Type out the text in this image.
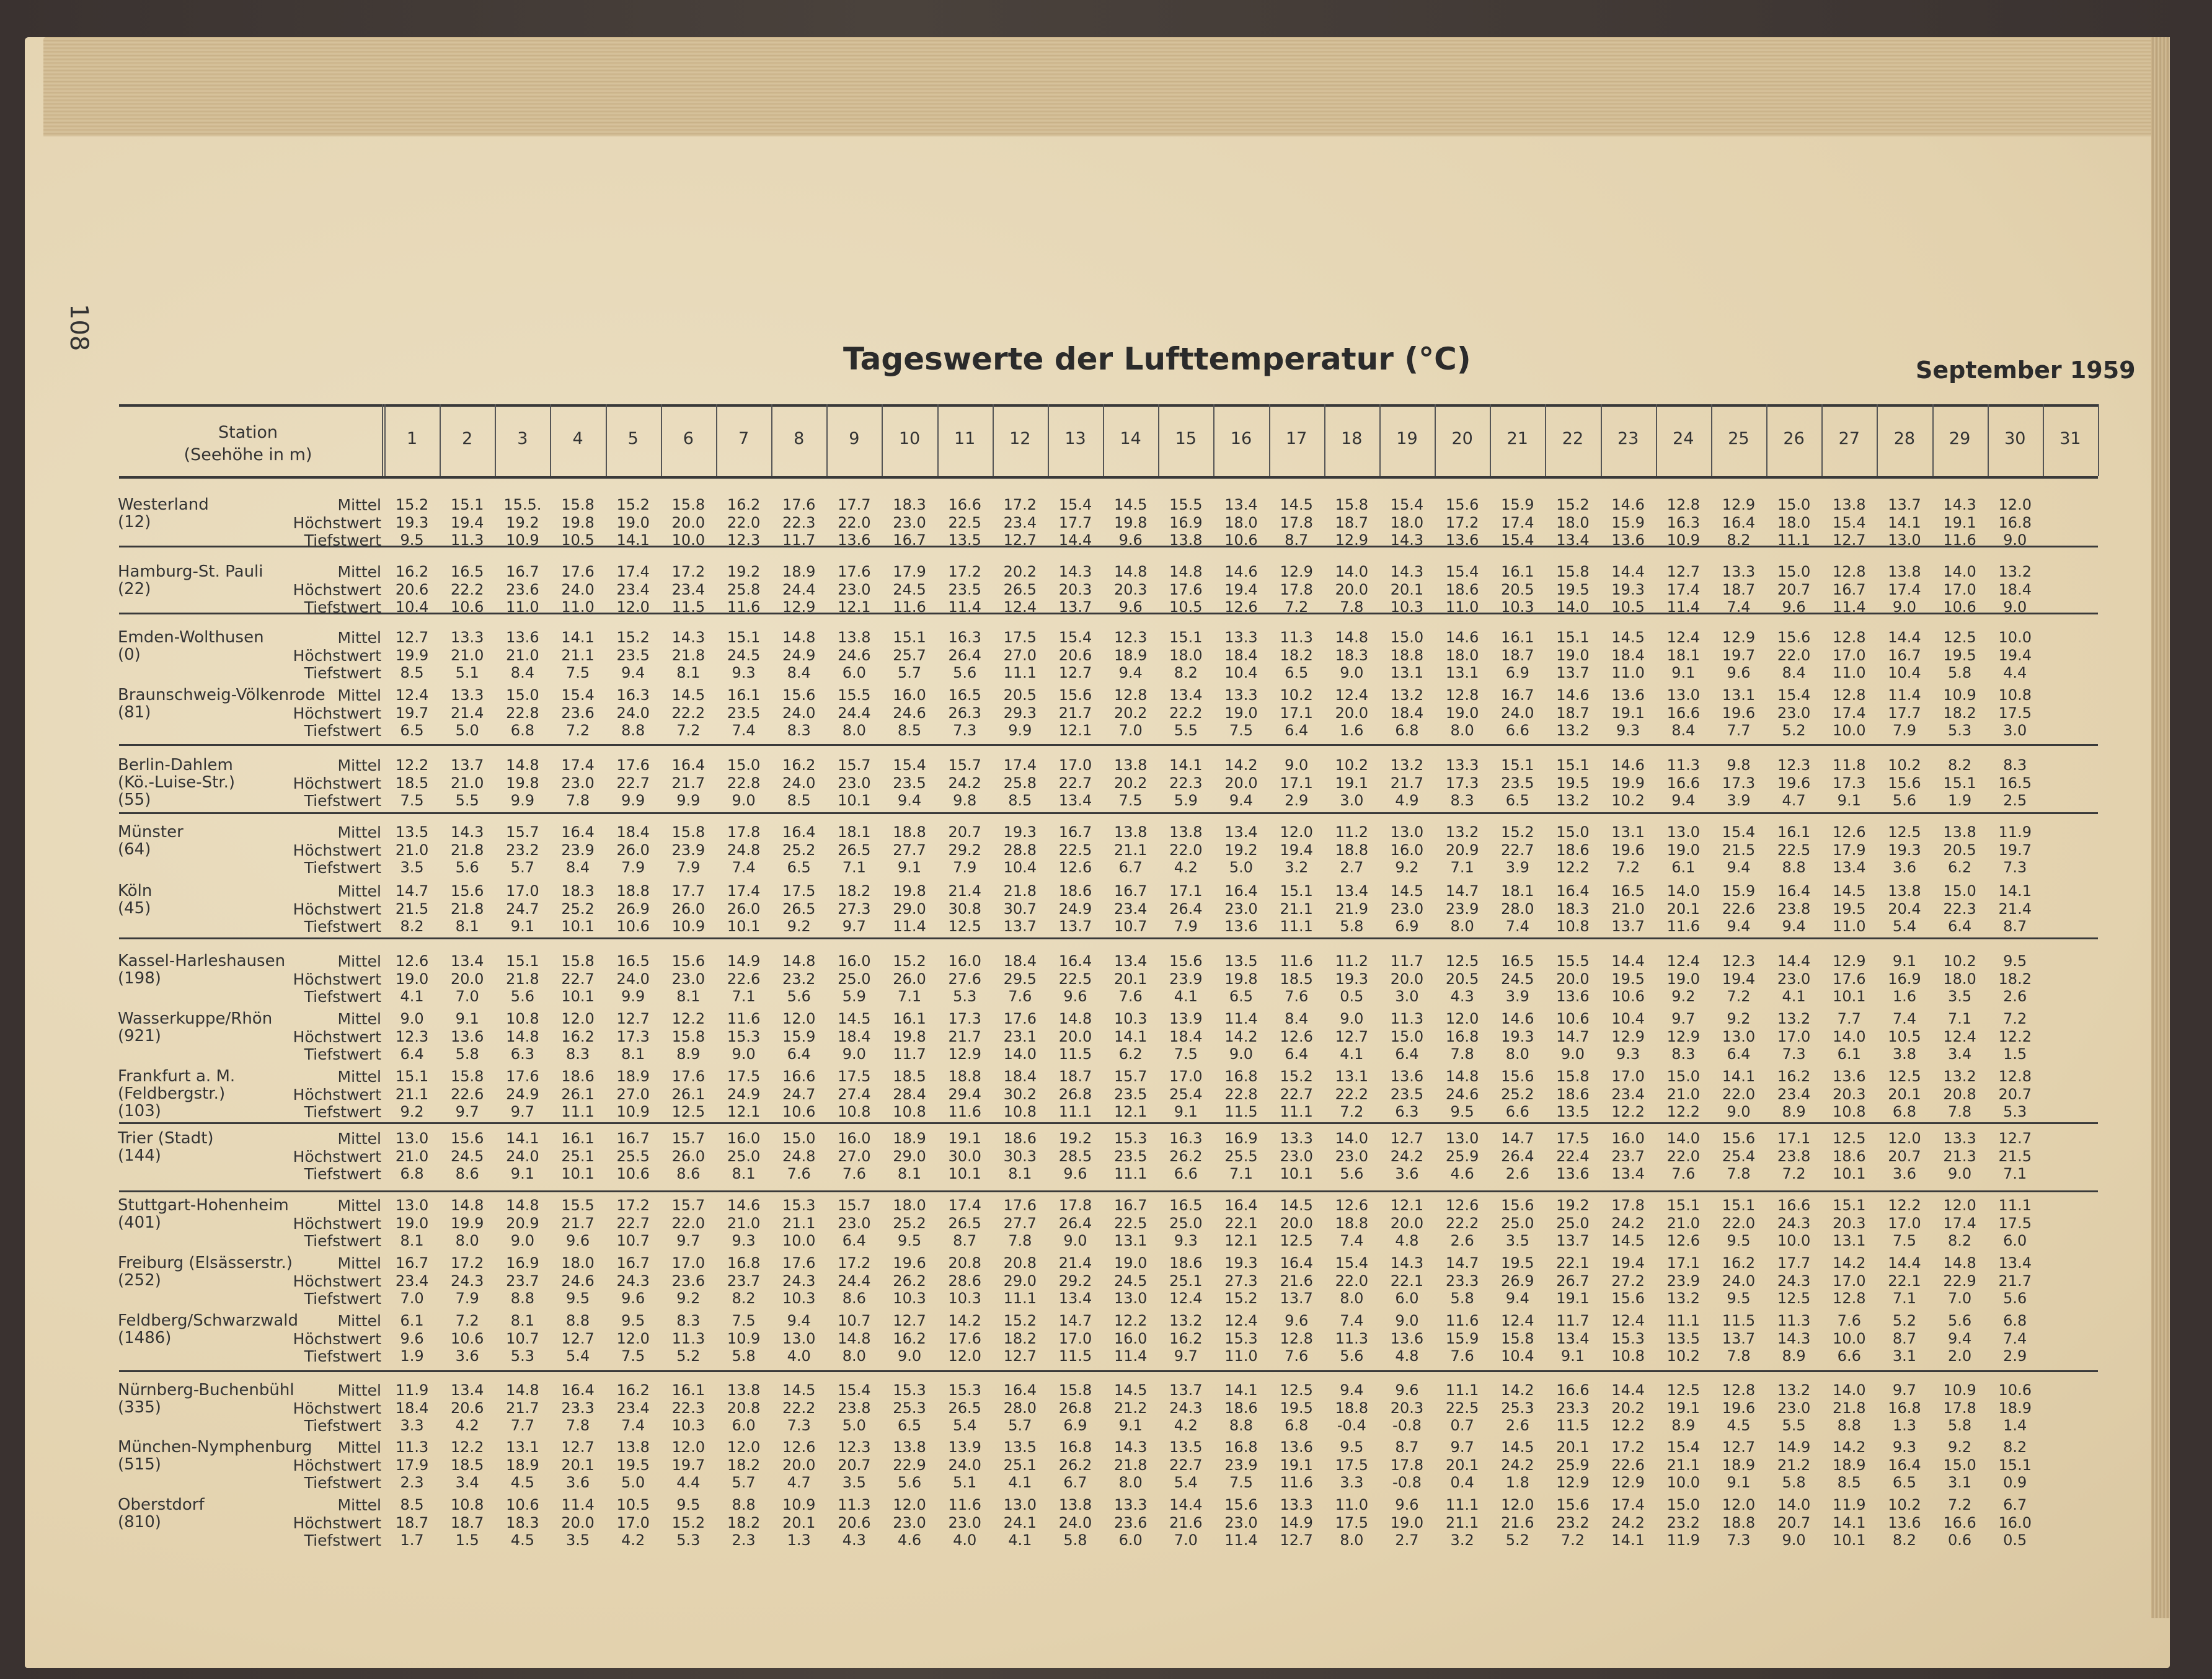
108
Tageswerte der Lufttemperatur (°C)	September 1959
Station
(Seehöhe in m)
1	2	3	4	5	6	7	8	9	10	11	12	13	14	15	16	17	18	19	20	21	22	23	24	25	26	27	28	29	30	31
Westerland
(12)
Mittel 15.2	15.1	15.5.	15.8	15.2	15.8	16.2	17.6	17.7	18.3	16.6	17.2	15.4	14.5	15.5	13.4	14.5	15.8	15.4	15.6	15.9	15.2	14.6	12.8	12.9	15.0	13.8	13.7	14.3	12.0
Höchstwert 19.3	19.4	19.2	19.8	19.0	20.0	22.0	22.3	22.0	23.0	22.5	23.4	17.7	19.8	16.9	18.0	17.8	18.7	18.0	17.2	17.4	18.0	15.9	16.3	16.4	18.0	15.4	14.1	19.1	16.8
Tiefstwert	9.5	11.3	10.9	10.5	14.1	10.0	12.3	11.7	13.6	16.7	13.5	12.7	14.4	9.6	13.8	10.6	8.7	12.9	14.3	13.6	15.4	13.4	13.6	10.9	8.2	11.1	12.7	13.0	11.6	9.0
Hamburg-St. Pauli
(22)
Mittel 16.2	16.5	16.7	17.6	17.4	17.2	19.2	18.9	17.6	17.9	17.2	20.2	14.3	14.8	14.8	14.6	12.9	14.0	14.3	15.4	16.1	15.8	14.4	12.7	13.3	15.0	12.8	13.8	14.0	13.2
Höchstwert 20.6	22.2	23.6	24.0	23.4	23.4	25.8	24.4	23.0	24.5	23.5	26.5	20.3	20.3	17.6	19.4	17.8	20.0	20.1	18.6	20.5	19.5	19.3	17.4	18.7	20.7	16.7	17.4	17.0	18.4
Tiefstwert 10.4	10.6	11.0	11.0	12.0	11.5	11.6	12.9	12.1	11.6	11.4	12.4	13.7	9.6	10.5	12.6	7.2	7.8	10.3	11.0	10.3	14.0	10.5	11.4	7.4	9.6	11.4	9.0	10.6	9.0
Emden-Wolthusen
(0)
Mittel 12.7	13.3	13.6	14.1	15.2	14.3	15.1	14.8	13.8	15.1	16.3	17.5	15.4	12.3	15.1	13.3	11.3	14.8	15.0	14.6	16.1	15.1	14.5	12.4	12.9	15.6	12.8	14.4	12.5	10.0
Höchstwert 19.9	21.0	21.0	21.1	23.5	21.8	24.5	24.9	24.6	25.7	26.4	27.0	20.6	18.9	18.0	18.4	18.2	18.3	18.8	18.0	18.7	19.0	18.4	18.1	19.7	22.0	17.0	16.7	19.5	19.4
Tiefstwert	8.5	5.1	8.4	7.5	9.4	8.1	9.3	8.4	6.0	5.7	5.6	11.1	12.7	9.4	8.2	10.4	6.5	9.0	13.1	13.1	6.9	13.7	11.0	9.1	9.6	8.4	11.0	10.4	5.8	4.4
Braunschweig-Völkenrode
(81)
Mittel 12.4	13.3	15.0	15.4	16.3	14.5	16.1	15.6	15.5	16.0	16.5	20.5	15.6	12.8	13.4	13.3	10.2	12.4	13.2	12.8	16.7	14.6	13.6	13.0	13.1	15.4	12.8	11.4	10.9	10.8
Höchstwert 19.7	21.4	22.8	23.6	24.0	22.2	23.5	24.0	24.4	24.6	26.3	29.3	21.7	20.2	22.2	19.0	17.1	20.0	18.4	19.0	24.0	18.7	19.1	16.6	19.6	23.0	17.4	17.7	18.2	17.5
Tiefstwert	6.5	5.0	6.8	7.2	8.8	7.2	7.4	8.3	8.0	8.5	7.3	9.9	12.1	7.0	5.5	7.5	6.4	1.6	6.8	8.0	6.6	13.2	9.3	8.4	7.7	5.2	10.0	7.9	5.3	3.0
Berlin-Dahlem
(Kö.-Luise-Str.)
(55)
Mittel 12.2	13.7	14.8	17.4	17.6	16.4	15.0	16.2	15.7	15.4	15.7	17.4	17.0	13.8	14.1	14.2	9.0	10.2	13.2	13.3	15.1	15.1	14.6	11.3	9.8	12.3	11.8	10.2	8.2	8.3
Höchstwert 18.5	21.0	19.8	23.0	22.7	21.7	22.8	24.0	23.0	23.5	24.2	25.8	22.7	20.2	22.3	20.0	17.1	19.1	21.7	17.3	23.5	19.5	19.9	16.6	17.3	19.6	17.3	15.6	15.1	16.5
Tiefstwert	7.5	5.5	9.9	7.8	9.9	9.9	9.0	8.5	10.1	9.4	9.8	8.5	13.4	7.5	5.9	9.4	2.9	3.0	4.9	8.3	6.5	13.2	10.2	9.4	3.9	4.7	9.1	5.6	1.9	2.5
Münster
(64)
Mittel 13.5	14.3	15.7	16.4	18.4	15.8	17.8	16.4	18.1	18.8	20.7	19.3	16.7	13.8	13.8	13.4	12.0	11.2	13.0	13.2	15.2	15.0	13.1	13.0	15.4	16.1	12.6	12.5	13.8	11.9
Höchstwert 21.0	21.8	23.2	23.9	26.0	23.9	24.8	25.2	26.5	27.7	29.2	28.8	22.5	21.1	22.0	19.2	19.4	18.8	16.0	20.9	22.7	18.6	19.6	19.0	21.5	22.5	17.9	19.3	20.5	19.7
Tiefstwert	3.5	5.6	5.7	8.4	7.9	7.9	7.4	6.5	7.1	9.1	7.9	10.4	12.6	6.7	4.2	5.0	3.2	2.7	9.2	7.1	3.9	12.2	7.2	6.1	9.4	8.8	13.4	3.6	6.2	7.3
Köln
(45)
Mittel 14.7	15.6	17.0	18.3	18.8	17.7	17.4	17.5	18.2	19.8	21.4	21.8	18.6	16.7	17.1	16.4	15.1	13.4	14.5	14.7	18.1	16.4	16.5	14.0	15.9	16.4	14.5	13.8	15.0	14.1
Höchstwert 21.5	21.8	24.7	25.2	26.9	26.0	26.0	26.5	27.3	29.0	30.8	30.7	24.9	23.4	26.4	23.0	21.1	21.9	23.0	23.9	28.0	18.3	21.0	20.1	22.6	23.8	19.5	20.4	22.3	21.4
Tiefstwert	8.2	8.1	9.1	10.1	10.6	10.9	10.1	9.2	9.7	11.4	12.5	13.7	13.7	10.7	7.9	13.6	11.1	5.8	6.9	8.0	7.4	10.8	13.7	11.6	9.4	9.4	11.0	5.4	6.4	8.7
Kassel-Harleshausen
(198)
Mittel 12.6	13.4	15.1	15.8	16.5	15.6	14.9	14.8	16.0	15.2	16.0	18.4	16.4	13.4	15.6	13.5	11.6	11.2	11.7	12.5	16.5	15.5	14.4	12.4	12.3	14.4	12.9	9.1	10.2	9.5
Höchstwert 19.0	20.0	21.8	22.7	24.0	23.0	22.6	23.2	25.0	26.0	27.6	29.5	22.5	20.1	23.9	19.8	18.5	19.3	20.0	20.5	24.5	20.0	19.5	19.0	19.4	23.0	17.6	16.9	18.0	18.2
Tiefstwert	4.1	7.0	5.6	10.1	9.9	8.1	7.1	5.6	5.9	7.1	5.3	7.6	9.6	7.6	4.1	6.5	7.6	0.5	3.0	4.3	3.9	13.6	10.6	9.2	7.2	4.1	10.1	1.6	3.5	2.6
Wasserkuppe/Rhön
(921)
Mittel	9.0	9.1	10.8	12.0	12.7	12.2	11.6	12.0	14.5	16.1	17.3	17.6	14.8	10.3	13.9	11.4	8.4	9.0	11.3	12.0	14.6	10.6	10.4	9.7	9.2	13.2	7.7	7.4	7.1	7.2
Höchstwert 12.3	13.6	14.8	16.2	17.3	15.8	15.3	15.9	18.4	19.8	21.7	23.1	20.0	14.1	18.4	14.2	12.6	12.7	15.0	16.8	19.3	14.7	12.9	12.9	13.0	17.0	14.0	10.5	12.4	12.2
Tiefstwert	6.4	5.8	6.3	8.3	8.1	8.9	9.0	6.4	9.0	11.7	12.9	14.0	11.5	6.2	7.5	9.0	6.4	4.1	6.4	7.8	8.0	9.0	9.3	8.3	6.4	7.3	6.1	3.8	3.4	1.5
Frankfurt a. M.
(Feldbergstr.)
(103)
Mittel 15.1	15.8	17.6	18.6	18.9	17.6	17.5	16.6	17.5	18.5	18.8	18.4	18.7	15.7	17.0	16.8	15.2	13.1	13.6	14.8	15.6	15.8	17.0	15.0	14.1	16.2	13.6	12.5	13.2	12.8
Höchstwert 21.1	22.6	24.9	26.1	27.0	26.1	24.9	24.7	27.4	28.4	29.4	30.2	26.8	23.5	25.4	22.8	22.7	22.2	23.5	24.6	25.2	18.6	23.4	21.0	22.0	23.4	20.3	20.1	20.8	20.7
Tiefstwert	9.2	9.7	9.7	11.1	10.9	12.5	12.1	10.6	10.8	10.8	11.6	10.8	11.1	12.1	9.1	11.5	11.1	7.2	6.3	9.5	6.6	13.5	12.2	12.2	9.0	8.9	10.8	6.8	7.8	5.3
Trier (Stadt)
(144)
Mittel 13.0	15.6	14.1	16.1	16.7	15.7	16.0	15.0	16.0	18.9	19.1	18.6	19.2	15.3	16.3	16.9	13.3	14.0	12.7	13.0	14.7	17.5	16.0	14.0	15.6	17.1	12.5	12.0	13.3	12.7
Höchstwert 21.0	24.5	24.0	25.1	25.5	26.0	25.0	24.8	27.0	29.0	30.0	30.3	28.5	23.5	26.2	25.5	23.0	23.0	24.2	25.9	26.4	22.4	23.7	22.0	25.4	23.8	18.6	20.7	21.3	21.5
Tiefstwert	6.8	8.6	9.1	10.1	10.6	8.6	8.1	7.6	7.6	8.1	10.1	8.1	9.6	11.1	6.6	7.1	10.1	5.6	3.6	4.6	2.6	13.6	13.4	7.6	7.8	7.2	10.1	3.6	9.0	7.1
Stuttgart-Hohenheim
(401)
Mittel 13.0	14.8	14.8	15.5	17.2	15.7	14.6	15.3	15.7	18.0	17.4	17.6	17.8	16.7	16.5	16.4	14.5	12.6	12.1	12.6	15.6	19.2	17.8	15.1	15.1	16.6	15.1	12.2	12.0	11.1
Höchstwert 19.0	19.9	20.9	21.7	22.7	22.0	21.0	21.1	23.0	25.2	26.5	27.7	26.4	22.5	25.0	22.1	20.0	18.8	20.0	22.2	25.0	25.0	24.2	21.0	22.0	24.3	20.3	17.0	17.4	17.5
Tiefstwert	8.1	8.0	9.0	9.6	10.7	9.7	9.3	10.0	6.4	9.5	8.7	7.8	9.0	13.1	9.3	12.1	12.5	7.4	4.8	2.6	3.5	13.7	14.5	12.6	9.5	10.0	13.1	7.5	8.2	6.0
Freiburg (Elsässerstr.)
(252)
Mittel 16.7	17.2	16.9	18.0	16.7	17.0	16.8	17.6	17.2	19.6	20.8	20.8	21.4	19.0	18.6	19.3	16.4	15.4	14.3	14.7	19.5	22.1	19.4	17.1	16.2	17.7	14.2	14.4	14.8	13.4
Höchstwert 23.4	24.3	23.7	24.6	24.3	23.6	23.7	24.3	24.4	26.2	28.6	29.0	29.2	24.5	25.1	27.3	21.6	22.0	22.1	23.3	26.9	26.7	27.2	23.9	24.0	24.3	17.0	22.1	22.9	21.7
Tiefstwert	7.0	7.9	8.8	9.5	9.6	9.2	8.2	10.3	8.6	10.3	10.3	11.1	13.4	13.0	12.4	15.2	13.7	8.0	6.0	5.8	9.4	19.1	15.6	13.2	9.5	12.5	12.8	7.1	7.0	5.6
Feldberg/Schwarzwald
(1486)
Mittel	6.1	7.2	8.1	8.8	9.5	8.3	7.5	9.4	10.7	12.7	14.2	15.2	14.7	12.2	13.2	12.4	9.6	7.4	9.0	11.6	12.4	11.7	12.4	11.1	11.5	11.3	7.6	5.2	5.6	6.8
Höchstwert	9.6	10.6	10.7	12.7	12.0	11.3	10.9	13.0	14.8	16.2	17.6	18.2	17.0	16.0	16.2	15.3	12.8	11.3	13.6	15.9	15.8	13.4	15.3	13.5	13.7	14.3	10.0	8.7	9.4	7.4
Tiefstwert	1.9	3.6	5.3	5.4	7.5	5.2	5.8	4.0	8.0	9.0	12.0	12.7	11.5	11.4	9.7	11.0	7.6	5.6	4.8	7.6	10.4	9.1	10.8	10.2	7.8	8.9	6.6	3.1	2.0	2.9
Nürnberg-Buchenbühl
(335)
Mittel 11.9	13.4	14.8	16.4	16.2	16.1	13.8	14.5	15.4	15.3	15.3	16.4	15.8	14.5	13.7	14.1	12.5	9.4	9.6	11.1	14.2	16.6	14.4	12.5	12.8	13.2	14.0	9.7	10.9	10.6
Höchstwert 18.4	20.6	21.7	23.3	23.4	22.3	20.8	22.2	23.8	25.3	26.5	28.0	26.8	21.2	24.3	18.6	19.5	18.8	20.3	22.5	25.3	23.3	20.2	19.1	19.6	23.0	21.8	16.8	17.8	18.9
Tiefstwert	3.3	4.2	7.7	7.8	7.4	10.3	6.0	7.3	5.0	6.5	5.4	5.7	6.9	9.1	4.2	8.8	6.8	-0.4	-0.8	0.7	2.6	11.5	12.2	8.9	4.5	5.5	8.8	1.3	5.8	1.4
München-Nymphenburg
(515)
Mittel 11.3	12.2	13.1	12.7	13.8	12.0	12.0	12.6	12.3	13.8	13.9	13.5	16.8	14.3	13.5	16.8	13.6	9.5	8.7	9.7	14.5	20.1	17.2	15.4	12.7	14.9	14.2	9.3	9.2	8.2
Höchstwert 17.9	18.5	18.9	20.1	19.5	19.7	18.2	20.0	20.7	22.9	24.0	25.1	26.2	21.8	22.7	23.9	19.1	17.5	17.8	20.1	24.2	25.9	22.6	21.1	18.9	21.2	18.9	16.4	15.0	15.1
Tiefstwert	2.3	3.4	4.5	3.6	5.0	4.4	5.7	4.7	3.5	5.6	5.1	4.1	6.7	8.0	5.4	7.5	11.6	3.3	-0.8	0.4	1.8	12.9	12.9	10.0	9.1	5.8	8.5	6.5	3.1	0.9
Oberstdorf
(810)
Mittel	8.5	10.8	10.6	11.4	10.5	9.5	8.8	10.9	11.3	12.0	11.6	13.0	13.8	13.3	14.4	15.6	13.3	11.0	9.6	11.1	12.0	15.6	17.4	15.0	12.0	14.0	11.9	10.2	7.2	6.7
Höchstwert 18.7	18.7	18.3	20.0	17.0	15.2	18.2	20.1	20.6	23.0	23.0	24.1	24.0	23.6	21.6	23.0	14.9	17.5	19.0	21.1	21.6	23.2	24.2	23.2	18.8	20.7	14.1	13.6	16.6	16.0
Tiefstwert	1.7	1.5	4.5	3.5	4.2	5.3	2.3	1.3	4.3	4.6	4.0	4.1	5.8	6.0	7.0	11.4	12.7	8.0	2.7	3.2	5.2	7.2	14.1	11.9	7.3	9.0	10.1	8.2	0.6	0.5
